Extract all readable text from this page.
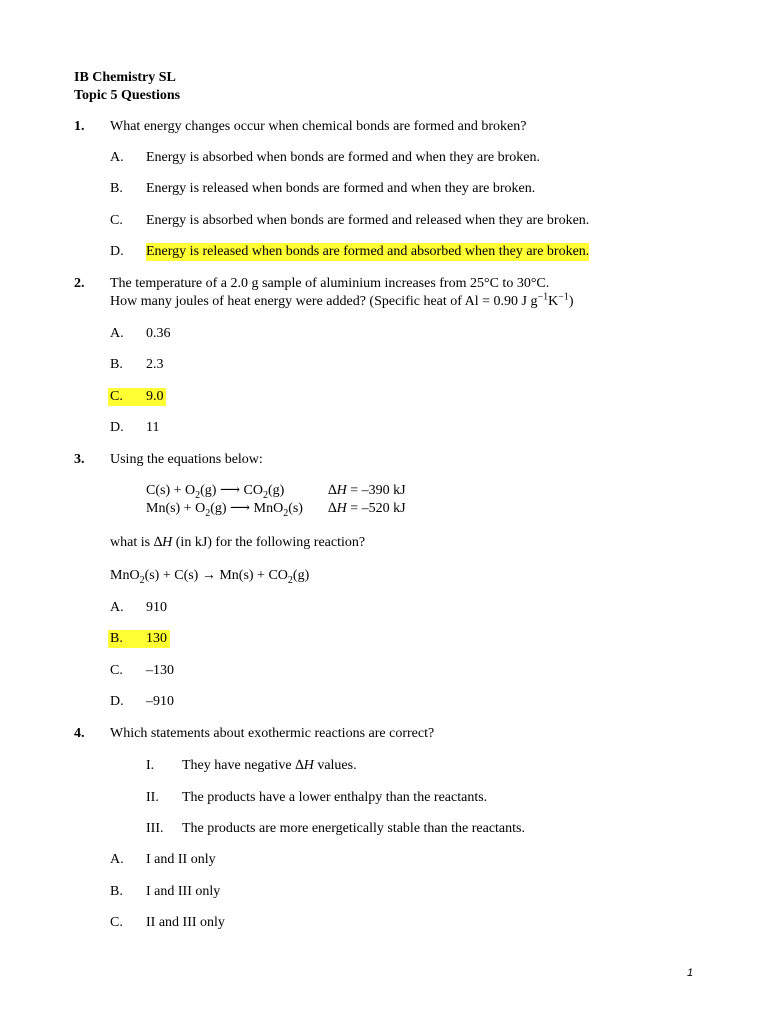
IB Chemistry SL
Topic 5 Questions
1. What energy changes occur when chemical bonds are formed and broken?
A. Energy is absorbed when bonds are formed and when they are broken.
B. Energy is released when bonds are formed and when they are broken.
C. Energy is absorbed when bonds are formed and released when they are broken.
D. Energy is released when bonds are formed and absorbed when they are broken.
2. The temperature of a 2.0 g sample of aluminium increases from 25°C to 30°C.
How many joules of heat energy were added? (Specific heat of Al = 0.90 J $g^{-1}K^{-1}$)
A. 0.36
B. 2.3
C. 9.0
D. 11
3. Using the equations below:
$C(s) + O_2(g)$ ⟶ $CO_2(g)$	∆H = –390 kJ
$Mn(s) + O_2(g)$ ⟶ MnO$_2$(s) ∆H = –520 kJ
what is ∆H (in kJ) for the following reaction?
$MnO_2(s) + C(s) \to Mn(s) + CO_2(g)$
A. 910
B. 130
C. –130
D. –910
4. Which statements about exothermic reactions are correct?
I. They have negative ∆H values.
II. The products have a lower enthalpy than the reactants.
III. The products are more energetically stable than the reactants.
A. I and II only
B. I and III only
C. II and III only
1
